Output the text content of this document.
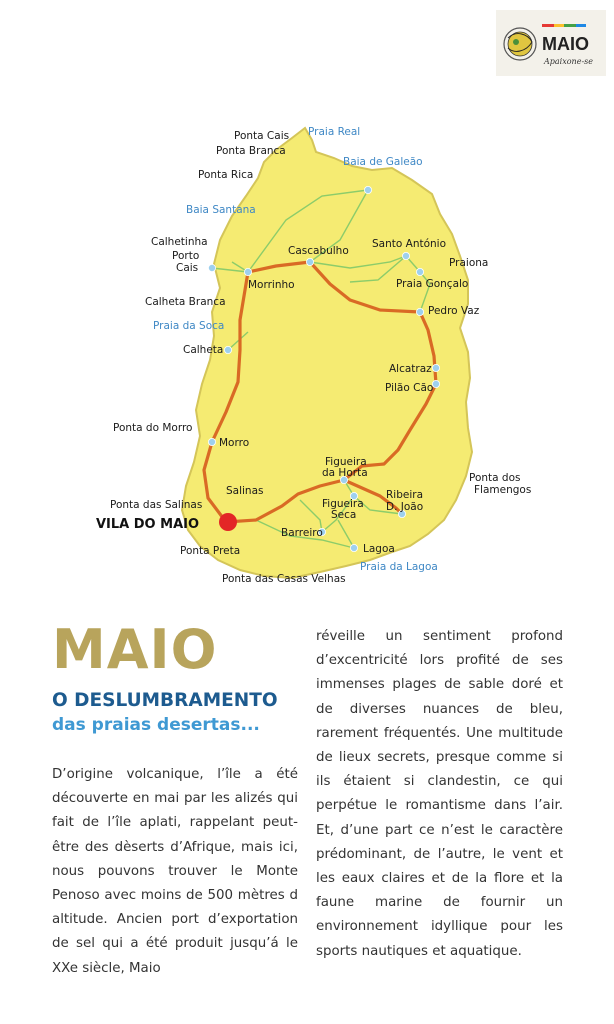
MAIO
Apaixone-se
VILA DO MAIO
Ponta Cais
Ponta Branca
Ponta Rica
Calhetinha
Porto
Cais
Calheta Branca
Calheta
Ponta do Morro
Ponta das Salinas
Ponta Preta
Ponta das Casas Velhas
Praiona
Ponta dos
Flamengos
Praia Real
Baia de Galeão
Baia Santana
Praia da Soca
Praia da Lagoa
Cascabulho
Morrinho
Santo António
Praia Gonçalo
Pedro Vaz
Alcatraz
Pilão Cão
Morro
Salinas
Figueira
da Horta
Figueira
Seca
Ribeira
D. João
Barreiro
Lagoa
MAIO
O DESLUMBRAMENTO
das praias desertas...

D’origine volcanique, l’île a été découverte en mai par les alizés qui fait de l’île aplati, rappelant peut-être des dèserts d’Afrique, mais ici, nous pouvons trouver le Monte Penoso avec moins de 500 mètres d altitude. Ancien port d’exportation de sel qui a été produit jusqu’á le XXe siècle, Maio

réveille un sentiment profond d’excentricité lors profité de ses immenses plages de sable doré et de diverses nuances de bleu, rarement fréquentés. Une multitude de lieux secrets, presque comme si ils étaient si clandestin, ce qui perpétue le romantisme dans l’air. Et, d’une part ce n’est le caractère prédominant, de l’autre, le vent et les eaux claires et de la flore et la faune marine de fournir un environnement idyllique pour les sports nautiques et aquatique.
